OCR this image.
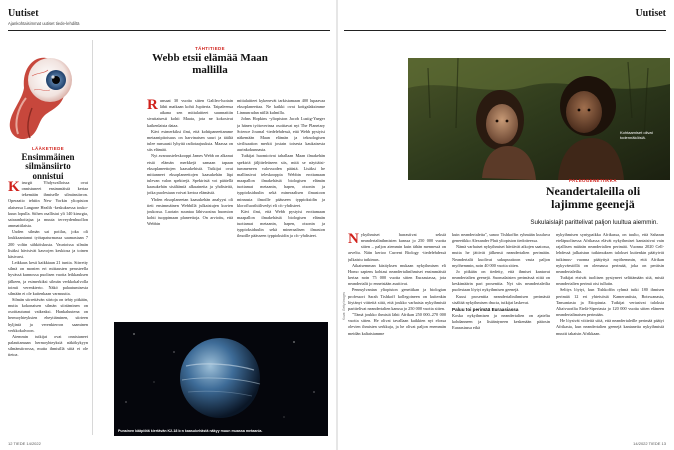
Uutiset
Ajankohtaisimmat uutiset tiede-lehdiltä
LÄÄKETIEDE
Ensimmäinen silmänsiirto onnistui
K irurgit Yhdysvalloissa ovat onnistuneet ensimmäistä kertaa tekemään ihmiselle silmänsiirron. Operaatio tehtiin New Yorkin yliopiston alaisessa Langone Health -keskuksessa touko-kuun lopulla. Siihen osallistui yli 140 kirurgia, sairaanhoitajaa ja muuta terveydenhuollon ammattilaista.

Uuden silmän sai potilas, joka oli loukkaantunut työtapaturmassa saamastaan 7 200 voltin sähköiskusta. Vaurioissa silmän lisäksi hävisivät kasvojen keskiosa ja toinen käsivarsi.

Leikkaus kesti kaikkiaan 21 tuntia. Siirretty silmä on monien eri mittausten perusteella hyvässä kunnossa puolisen vuotta leikkauksen jälkeen, ja esimerkiksi silmän verkkokalvolla toimii verenkierto. Näkö palautumisesta silmään ei ole kuitenkaan varmuutta.

Silmän siirrettävän siirtoja on tehty pitkään, mutta kokonaisen silmän siirtäminen on osoittautunut vaikeaksi. Hankaluutena on hermoyhteyksien eheyttäminen, siirteen hyljintä ja verenkierron saaminen verkkokalvoon.

Aiemmin tutkijat ovat onnistuneet palauttamaan hermoyhteyksiä näkökykyyn silmänsiirrossa, mutta ihmisillä siitä ei ole tietoa.

TÄHTITIEDE
Webb etsii elämää Maan mallilla
R unsaat 30 vuotta sitten Galileo-luotain lähti matkaan kohti Jupiteria. Taipaleensa aikana sen mittalaitteet suunnattiin sivuttaisesti kohti Maata, jota ne kokosivat kaikenlaista dataa.

Kävi esimerkiksi ilmi, että kohtipaneettamme metaanipitoisuus on harvinaisen suuri ja täältä tulee runsaasti lyhyitä radiotaajuuksia. Maassa on siis elämää.

Nyt avaruusteleskooppi James Webb on alkanut etsiä elämän merkkejä samaan tapaan eksoplaneettojen kaasukehistä. Tutkijat ovat mittanneet eksoplaneettojen kaasukehän läpi tulevan valon spektrejä. Spektristä voi päätellä kaasukehän sisältämiä alkuaineita ja yhdisteitä, jotka puolestaan voivat kertoa elämästä.

Yhden eksoplaneetan kaasukehän analyysi oli tieti ensimmäinen Webbillä julkaistujen kuvien joukossa. Luotain suuntaa lähivuosina huomion kohti tuoppimaan planeettoja. On arvioitu, että Webbin

mittalaitteet kykenevät tarkistamaan 400 lupaavaa eksoplaneettaa. Ne kaikki ovat kotigalaksimme Linnunradan niillä kulmilla.

Johns Hopkins -yliopiston Jacob Lustig-Yaeger ja hänen työtoverinsa osoittavat nyt The Planetary Science Journal -tiedelehdessä, että Webb pystyisi näkemään Maan elämän ja teknologisen sivilisaation merkit jostain toisesta kaukaisesta aurinkokunnasta.

Tutkijat huomioivat tahallaan Maan ilmakehän spektriä jäljitteleäseen siis, mitä se näyttäisi-tummeneen valovuoden päästä. Lisäksi he mallinsivat teleskooppia Webbin erottamaan maapallon ilmakehästä biologisen elämän tuottamat metaanin, hapen, otsonin ja typpioksiduulin sekä mineraalisen ilmastoon minnasta ilmoille päässeen typpioksidin ja klorofluorihiilivedyt eli cfc-yhdisteet.

Kävi ilmi, että Webb pystyisi erottamaan maapallon ilmakehästä biologisen elämän tuottamat metaanin, hapen, otsonin ja typpioksiduulin sekä mineraalisen ilmaston ilmoille päässeen typpioksidin ja cfc-yhdisteet.

Punainen kääpiötä kiertävän K2-18 b:n kaasukehästä näkyy muun muassa metaania.
12 TIEDE 14/2022
Uutiset
Kohtaamiset olivat todennäköisiä.
PALEOGENETIIKKA
Neandertaleilla oli lajimme geenejä
Sukulaislajit parittelivat paljon luultua aiemmin.
Kuva: Getty Images
N ykyihmiset harrastivat seksiä neandertalinihmisten kanssa jo 250 000 vuotta sitten – paljon aiemmin kuin tähän mennessä on arveltu. Näin kertoo Current Biology -tiedelehdessä julkaistu tutkimus.

Aikaisemman käsityksen mukaan nykyihmisen eli Homo sapiens kohtasi neandertalinihmiset ensimmäistä kertaa noin 75 000 vuotta sitten Euraasiassa, jota neandertalit jo enneistään asuttivat.

Pennsylvanian yliopiston genetiikan ja biologian professori Sarah Tishkoff kollegoineen on kuitenkin löytänyt viitteitä siitä, että joukko varhaisia nykyihmisiä parittelivat neandertalien kanssa jo 250 000 vuotta sitten.

"Tämä joukko ihmisiä lähti Afrikan 250 000–270 000 vuotta sitten. He olivat tavallaan kaikkien nyt elossa olevien ihmisten serkkuja, ja he olivat paljon enemmän meidän kaltaisiamme

kuin neandertaleita", sanoo Tishkoffin ryhmään kuuluva geneetikko Alexander Platt yliopiston tiedotteessa.

Nämä varhaiset nykyihmiset häviävät aikojen saatossa, mutta he jättivät jälkensä neandertalien perimään. Neandertalit kuolivat sukupuuttoon vasta paljon myöhemmin, noin 40 000 vuotta sitten.

Jo pitkään on tiedetty, että ihmiset kantavat neandertalien geenejä. Suomalaisten perimässä niitä on keskimäärin pari prosenttia. Nyt siis neandertaleilta puolestaan löytyi nykyihmisen geenejä.

Kuusi prosenttia neandertalinihmisen perimästä sisältää nykyihmisen dna:ta, tutkijat laskevat.

Paluu toi perimää Euraasiassa

Koska nykyihmisen ja neandertalien on ajateltu kohdanneen ja lisääntyneen keskenään pääosin Euraasiassa eikä

nykyihmisen syntypaikka Afrikassa, on tuulto, että Saharan eteläpuolisessa Afrikassa elävät nykyihmiset kantaisivat vain rajallisen määrän neandertalien perimää. Vuonna 2020 Cell-lehdessä julkaistun tutkimuksen tulokset kuitenkin päätyivät tutkimus- vuonna päätyttyä myöhemmin, että Afrikan nykyväestöllä on olemassa perimää, joka on peräisin neandertaleilta.

Tutkijat etsivät tuoliisen pystyneet selittämään sitä, mistä neandertalien perimä oisi tullutin.

Selitys löytyi, kun Tishkoffin ryhmä tutki 180 ihmisen perimää 12 eri yhteisöstä Kameruniista, Botswanasta, Tansaniasta ja Etiopiasta. Tutkijat vertasivat tuloksia Altaivuorilta Etelä-Siperiasta jo 120 000 vuotta sitten eläneen neandertalinaisen perimään.

He löysivät viitteitä siitä, että neandertaleille perimää päätyi Afrikasta, kun neandertalien geenejä kantaneita nykyihmisiä muutti takaisin Afrikkaan.

14/2022 TIEDE 13
